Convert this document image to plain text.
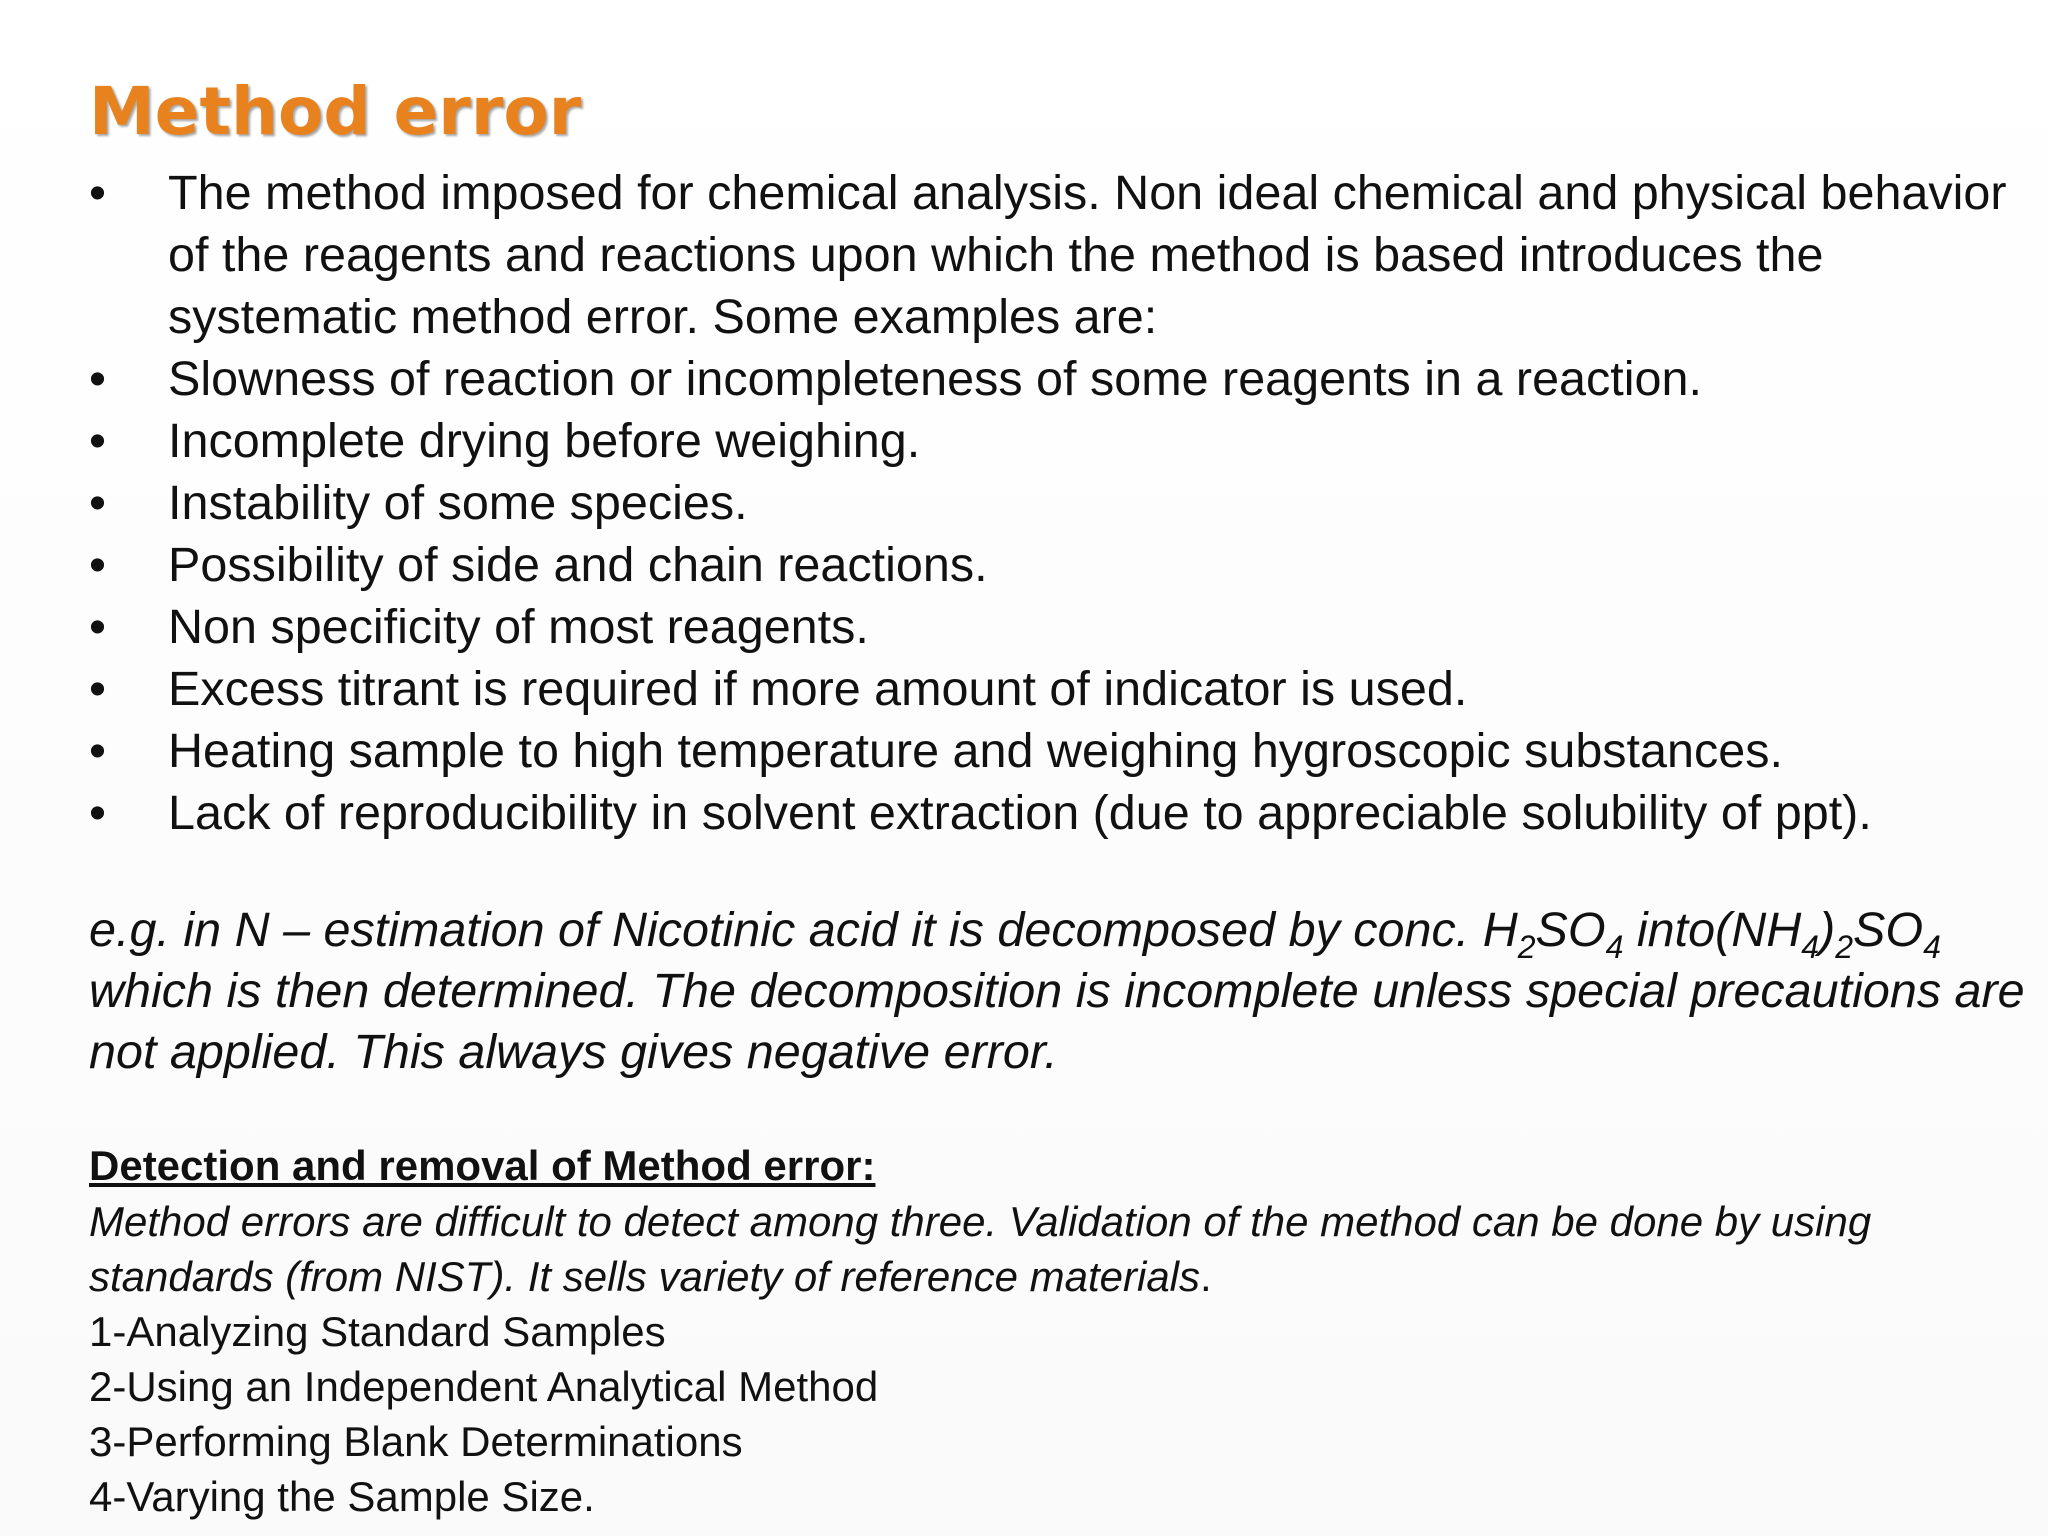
Method error
• The method imposed for chemical analysis. Non ideal chemical and physical behavior of the reagents and reactions upon which the method is based introduces the systematic method error. Some examples are:
• Slowness of reaction or incompleteness of some reagents in a reaction.
• Incomplete drying before weighing.
• Instability of some species.
• Possibility of side and chain reactions.
• Non specificity of most reagents.
• Excess titrant is required if more amount of indicator is used.
• Heating sample to high temperature and weighing hygroscopic substances.
• Lack of reproducibility in solvent extraction (due to appreciable solubility of ppt).

e.g. in N – estimation of Nicotinic acid it is decomposed by conc. $H_2SO_4$ $into(NH_4)_2SO_4$ which is then determined. The decomposition is incomplete unless special precautions are not applied. This always gives negative error.

Detection and removal of Method error:

Method errors are difficult to detect among three. Validation of the method can be done by using
standards (from NIST). It sells variety of reference materials.

1-Analyzing Standard Samples
2-Using an Independent Analytical Method
3-Performing Blank Determinations
4-Varying the Sample Size.
